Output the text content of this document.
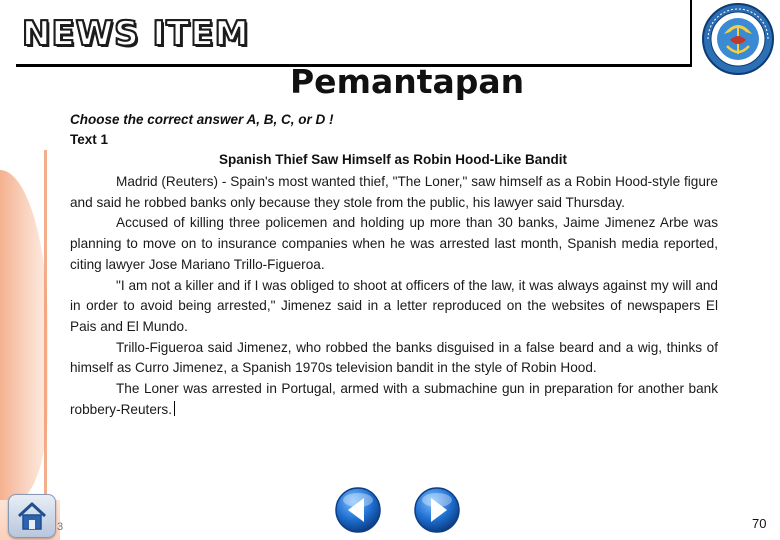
NEWS ITEM
Pemantapan

Choose the correct answer A, B, C, or D !

Text 1

Spanish Thief Saw Himself as Robin Hood-Like Bandit

Madrid (Reuters) - Spain's most wanted thief, "The Loner," saw himself as a Robin Hood-style figure and said he robbed banks only because they stole from the public, his lawyer said Thursday.

Accused of killing three policemen and holding up more than 30 banks, Jaime Jimenez Arbe was planning to move on to insurance companies when he was arrested last month, Spanish media reported, citing lawyer Jose Mariano Trillo-Figueroa.

"I am not a killer and if I was obliged to shoot at officers of the law, it was always against my will and in order to avoid being arrested," Jimenez said in a letter reproduced on the websites of newspapers El Pais and El Mundo.

Trillo-Figueroa said Jimenez, who robbed the banks disguised in a false beard and a wig, thinks of himself as Curro Jimenez, a Spanish 1970s television bandit in the style of Robin Hood.

The Loner was arrested in Portugal, armed with a submachine gun in preparation for another bank robbery-Reuters.

3	70
